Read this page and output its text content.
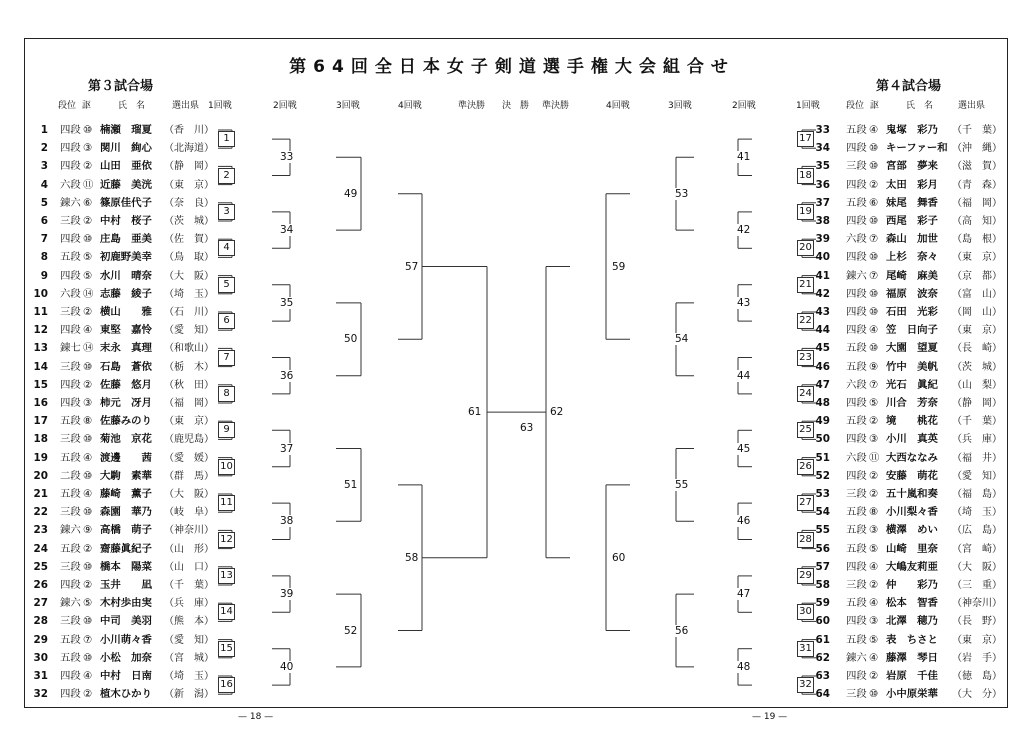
第64回全日本女子剣道選手権大会組合せ
第３試合場	第４試合場
段位 𧦅	氏　名	選出県 1回戦	2回戦	3回戦	4回戦	準決勝 決　勝 準決勝	4回戦	3回戦	2回戦	1回戦	段位 𧦅	氏　名	選出県
1 四段 ⑩ 楠瀬　瑠夏 （香　川）
2 四段 ③ 関川　絢心 （北海道）
3 四段 ② 山田　亜依 （静　岡）
4 六段 ⑪ 近藤　美洸 （東　京）
5 錬六 ⑥ 篠原佳代子 （奈　良）
6 三段 ② 中村　桜子 （茨　城）
7 四段 ⑩ 庄島　亜美 （佐　賀）
8 五段 ⑤ 初鹿野美幸 （鳥　取）
9 四段 ⑤ 水川　晴奈 （大　阪）
10 六段 ⑭ 志藤　綾子 （埼　玉）
11 三段 ② 横山　　雅 （石　川）
12 四段 ④ 東堅　嘉怜 （愛　知）
13 錬七 ⑭ 末永　真理 （和歌山）
14 三段 ⑩ 石島　蒼依 （栃　木）
15 四段 ② 佐藤　悠月 （秋　田）
16 四段 ③ 柿元　冴月 （福　岡）
17 五段 ⑧ 佐藤みのり （東　京）
18 三段 ⑩ 菊池　京花 （鹿児島）
19 五段 ④ 渡邊　　茜 （愛　媛）
20 二段 ⑩ 大駒　素華 （群　馬）
21 五段 ④ 藤崎　薫子 （大　阪）
22 三段 ⑩ 森園　華乃 （岐　阜）
23 錬六 ⑨ 高橋　萌子 （神奈川）
24 五段 ② 齋藤眞紀子 （山　形）
25 三段 ⑩ 橋本　陽菜 （山　口）
26 四段 ② 玉井　　凪 （千　葉）
27 錬六 ⑤ 木村歩由実 （兵　庫）
28 三段 ⑩ 中司　美羽 （熊　本）
29 五段 ⑦ 小川萌々香 （愛　知）
30 五段 ⑩ 小松　加奈 （宮　城）
31 四段 ④ 中村　日南 （埼　玉）
32 四段 ② 植木ひかり （新　潟）
33 五段 ④ 鬼塚　彩乃 （千　葉）
34 四段 ⑩ キーファー和 （沖　縄）
35 三段 ⑩ 宮部　夢来 （滋　賀）
36 四段 ② 太田　彩月 （青　森）
37 五段 ⑥ 妹尾　舞香 （福　岡）
38 四段 ⑩ 西尾　彩子 （高　知）
39 六段 ⑦ 森山　加世 （島　根）
40 四段 ⑩ 上杉　奈々 （東　京）
41 錬六 ⑦ 尾崎　麻美 （京　都）
42 四段 ⑩ 福原　波奈 （富　山）
43 四段 ⑩ 石田　光彩 （岡　山）
44 四段 ④ 笠　日向子 （東　京）
45 五段 ⑩ 大園　望夏 （長　崎）
46 五段 ⑨ 竹中　美帆 （茨　城）
47 六段 ⑦ 光石　眞紀 （山　梨）
48 四段 ⑤ 川合　芳奈 （静　岡）
49 五段 ② 境　　桃花 （千　葉）
50 四段 ③ 小川　真英 （兵　庫）
51 六段 ⑪ 大西ななみ （福　井）
52 四段 ② 安藤　萌花 （愛　知）
53 三段 ② 五十嵐和奏 （福　島）
54 五段 ⑧ 小川梨々香 （埼　玉）
55 五段 ③ 横澤　めい （広　島）
56 五段 ⑤ 山崎　里奈 （宮　崎）
57 四段 ④ 大嶋友莉亜 （大　阪）
58 三段 ② 仲　　彩乃 （三　重）
59 五段 ④ 松本　智香 （神奈川）
60 四段 ③ 北澤　穂乃 （長　野）
61 五段 ⑤ 表　ちさと （東　京）
62 錬六 ④ 藤澤　琴日 （岩　手）
63 四段 ② 岩原　千佳 （徳　島）
64 三段 ⑩ 小中原栄華 （大　分）
1
2
3
4
5
6
7
8
9
10
11
12
13
14
15
16
33
34
35
36
37
38
39
40
49
50
51
52
57
58
61
17
18
19
20
21
22
23
24
25
26
27
28
29
30
31
32
41
42
43
44
45
46
47
48
53
54
55
56
59
60
62
63
— 18 —	— 19 —
